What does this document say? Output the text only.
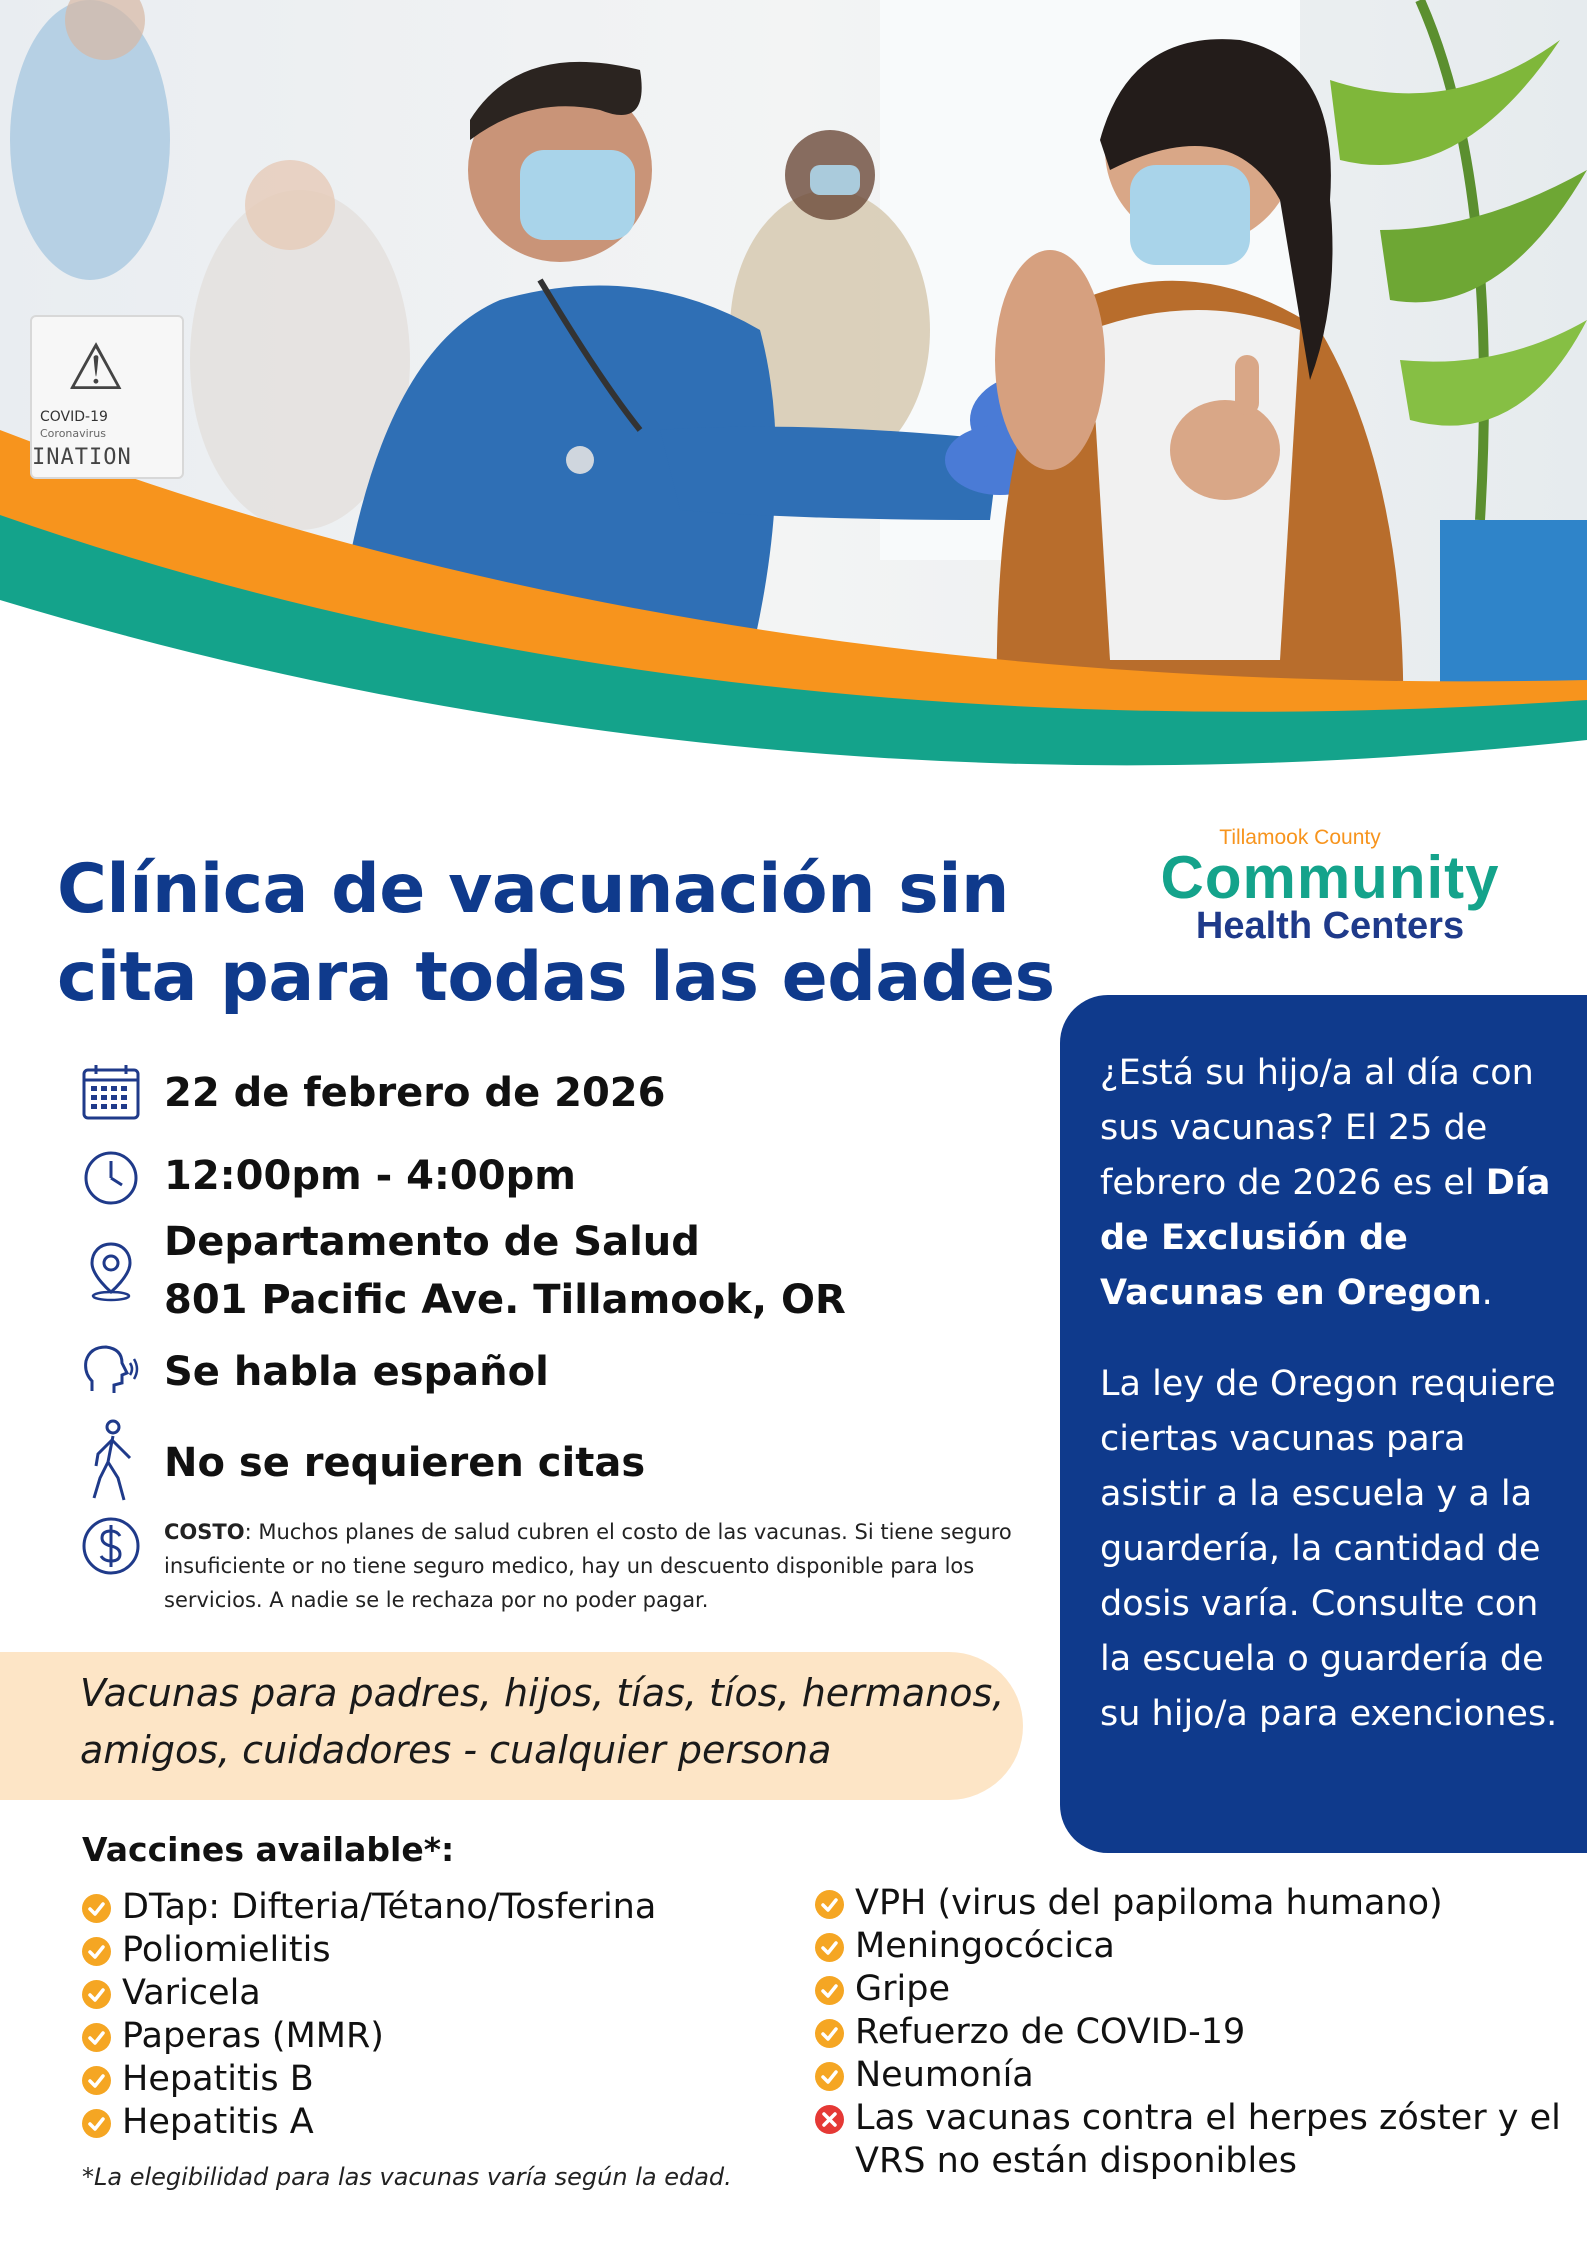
⚠
COVID-19
Coronavirus
INATION
Tillamook County
Community
Health Centers
Clínica de vacunación sin cita para todas las edades
22 de febrero de 2026
12:00pm - 4:00pm
Departamento de Salud
801 Pacific Ave. Tillamook, OR
Se habla español
No se requieren citas
COSTO: Muchos planes de salud cubren el costo de las vacunas. Si tiene seguro insuficiente or no tiene seguro medico, hay un descuento disponible para los servicios. A nadie se le rechaza por no poder pagar.
Vacunas para padres, hijos, tías, tíos, hermanos, amigos, cuidadores - cualquier persona

¿Está su hijo/a al día con sus vacunas? El 25 de febrero de 2026 es el Día de Exclusión de Vacunas en Oregon.

La ley de Oregon requiere ciertas vacunas para asistir a la escuela y a la guardería, la cantidad de dosis varía. Consulte con la escuela o guardería de su hijo/a para exenciones.

Vaccines available*:
DTap: Difteria/Tétano/Tosferina
Poliomielitis
Varicela
Paperas (MMR)
Hepatitis B
Hepatitis A
VPH (virus del papiloma humano)
Meningocócica
Gripe
Refuerzo de COVID-19
Neumonía
Las vacunas contra el herpes zóster y el VRS no están disponibles
*La elegibilidad para las vacunas varía según la edad.
